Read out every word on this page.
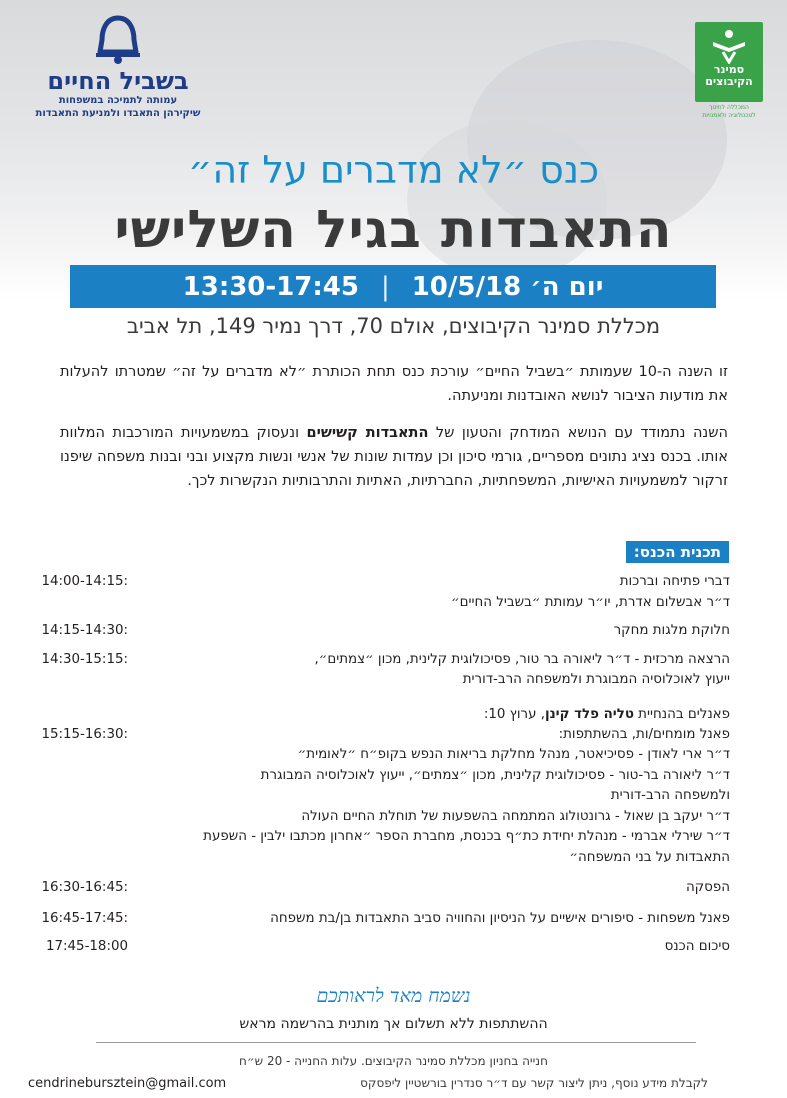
בשביל החיים
עמותה לתמיכה במשפחות
שיקירהן התאבדו ולמניעת התאבדות
סמינר
הקיבוצים
המכללה לחינוך
לטכנולוגיה ולאמנויות
כנס ״לא מדברים על זה״
התאבדות בגיל השלישי
יום ה׳ 10/5/18
|
13:30-17:45
מכללת סמינר הקיבוצים, אולם 70, דרך נמיר 149, תל אביב
זו השנה ה-10 שעמותת ״בשביל החיים״ עורכת כנס תחת הכותרת ״לא מדברים על זה״ שמטרתו להעלות את מודעות הציבור לנושא האובדנות ומניעתה.
השנה נתמודד עם הנושא המודחק והטעון של התאבדות קשישים ונעסוק במשמעויות המורכבות המלוות אותו. בכנס נציג נתונים מספריים, גורמי סיכון וכן עמדות שונות של אנשי ונשות מקצוע ובני ובנות משפחה שיפנו זרקור למשמעויות האישיות, המשפחתיות, החברתיות, האתיות והתרבותיות הנקשרות לכך.
תכנית הכנס:
דברי פתיחה וברכות
ד״ר אבשלום אדרת, יו״ר עמותת ״בשביל החיים״
14:00-14:15:
חלוקת מלגות מחקר
14:15-14:30:
הרצאה מרכזית - ד״ר ליאורה בר טור, פסיכולוגית קלינית, מכון ״צמתים״,
ייעוץ לאוכלוסיה המבוגרת ולמשפחה הרב-דורית
14:30-15:15:
פאנלים בהנחיית טליה פלד קינן, ערוץ 10:
פאנל מומחים/ות, בהשתתפות:
ד״ר ארי לאודן - פסיכיאטר, מנהל מחלקת בריאות הנפש בקופ״ח ״לאומית״
ד״ר ליאורה בר-טור - פסיכולוגית קלינית, מכון ״צמתים״, ייעוץ לאוכלוסיה המבוגרת
ולמשפחה הרב-דורית
ד״ר יעקב בן שאול - גרונטולוג המתמחה בהשפעות של תוחלת החיים העולה
ד״ר שירלי אברמי - מנהלת יחידת כת״ף בכנסת, מחברת הספר ״אחרון מכתבו ילבין - השפעת
התאבדות על בני המשפחה״
15:15-16:30:
הפסקה
16:30-16:45:
פאנל משפחות - סיפורים אישיים על הניסיון והחוויה סביב התאבדות בן/בת משפחה
16:45-17:45:
סיכום הכנס
17:45-18:00
נשמח מאד לראותכם
ההשתתפות ללא תשלום אך מותנית בהרשמה מראש
חנייה בחניון מכללת סמינר הקיבוצים. עלות החנייה - 20 ש״ח
cendrinebursztein@gmail.com	לקבלת מידע נוסף, ניתן ליצור קשר עם ד״ר סנדרין בורשטיין ליפסקס
